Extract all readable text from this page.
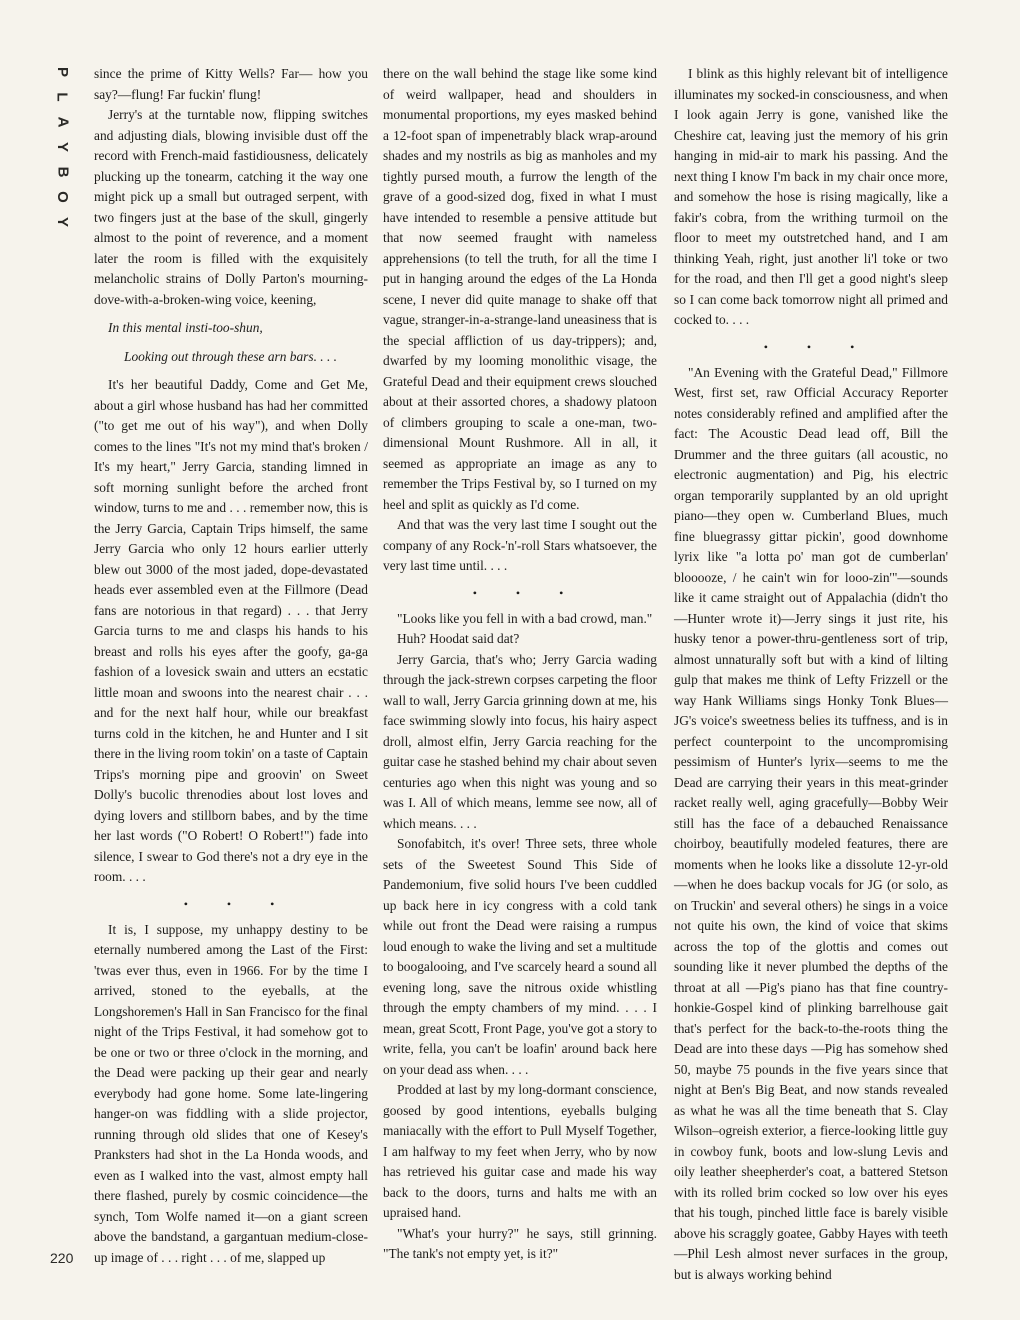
P
L
A
Y
B
O
Y
220

since the prime of Kitty Wells? Far— how you say?—flung! Far fuckin' flung!

Jerry's at the turntable now, flipping switches and adjusting dials, blowing invisible dust off the record with French-maid fastidiousness, delicately plucking up the tonearm, catching it the way one might pick up a small but outraged serpent, with two fingers just at the base of the skull, gingerly almost to the point of reverence, and a moment later the room is filled with the exquisitely melancholic strains of Dolly Parton's mourning-dove-with-a-broken-wing voice, keening,

In this mental insti-too-shun,

Looking out through these arn bars. . . .

It's her beautiful Daddy, Come and Get Me, about a girl whose husband has had her committed ("to get me out of his way"), and when Dolly comes to the lines "It's not my mind that's broken / It's my heart," Jerry Garcia, standing limned in soft morning sunlight before the arched front window, turns to me and . . . remember now, this is the Jerry Garcia, Captain Trips himself, the same Jerry Garcia who only 12 hours earlier utterly blew out 3000 of the most jaded, dope-devastated heads ever assembled even at the Fillmore (Dead fans are notorious in that regard) . . . that Jerry Garcia turns to me and clasps his hands to his breast and rolls his eyes after the goofy, ga-ga fashion of a lovesick swain and utters an ecstatic little moan and swoons into the nearest chair . . . and for the next half hour, while our breakfast turns cold in the kitchen, he and Hunter and I sit there in the living room tokin' on a taste of Captain Trips's morning pipe and groovin' on Sweet Dolly's bucolic threnodies about lost loves and dying lovers and stillborn babes, and by the time her last words ("O Robert! O Robert!") fade into silence, I swear to God there's not a dry eye in the room. . . .

• • •

It is, I suppose, my unhappy destiny to be eternally numbered among the Last of the First: 'twas ever thus, even in 1966. For by the time I arrived, stoned to the eyeballs, at the Longshoremen's Hall in San Francisco for the final night of the Trips Festival, it had somehow got to be one or two or three o'clock in the morning, and the Dead were packing up their gear and nearly everybody had gone home. Some late-lingering hanger-on was fiddling with a slide projector, running through old slides that one of Kesey's Pranksters had shot in the La Honda woods, and even as I walked into the vast, almost empty hall there flashed, purely by cosmic coincidence—the synch, Tom Wolfe named it—on a giant screen above the bandstand, a gargantuan medium-close-up image of . . . right . . . of me, slapped up

there on the wall behind the stage like some kind of weird wallpaper, head and shoulders in monumental proportions, my eyes masked behind a 12-foot span of impenetrably black wrap-around shades and my nostrils as big as manholes and my tightly pursed mouth, a furrow the length of the grave of a good-sized dog, fixed in what I must have intended to resemble a pensive attitude but that now seemed fraught with nameless apprehensions (to tell the truth, for all the time I put in hanging around the edges of the La Honda scene, I never did quite manage to shake off that vague, stranger-in-a-strange-land uneasiness that is the special affliction of us day-trippers); and, dwarfed by my looming monolithic visage, the Grateful Dead and their equipment crews slouched about at their assorted chores, a shadowy platoon of climbers grouping to scale a one-man, two-dimensional Mount Rushmore. All in all, it seemed as appropriate an image as any to remember the Trips Festival by, so I turned on my heel and split as quickly as I'd come.

And that was the very last time I sought out the company of any Rock-'n'-roll Stars whatsoever, the very last time until. . . .

• • •

"Looks like you fell in with a bad crowd, man."

Huh? Hoodat said dat?

Jerry Garcia, that's who; Jerry Garcia wading through the jack-strewn corpses carpeting the floor wall to wall, Jerry Garcia grinning down at me, his face swimming slowly into focus, his hairy aspect droll, almost elfin, Jerry Garcia reaching for the guitar case he stashed behind my chair about seven centuries ago when this night was young and so was I. All of which means, lemme see now, all of which means. . . .

Sonofabitch, it's over! Three sets, three whole sets of the Sweetest Sound This Side of Pandemonium, five solid hours I've been cuddled up back here in icy congress with a cold tank while out front the Dead were raising a rumpus loud enough to wake the living and set a multitude to boogalooing, and I've scarcely heard a sound all evening long, save the nitrous oxide whistling through the empty chambers of my mind. . . . I mean, great Scott, Front Page, you've got a story to write, fella, you can't be loafin' around back here on your dead ass when. . . .

Prodded at last by my long-dormant conscience, goosed by good intentions, eyeballs bulging maniacally with the effort to Pull Myself Together, I am halfway to my feet when Jerry, who by now has retrieved his guitar case and made his way back to the doors, turns and halts me with an upraised hand.

"What's your hurry?" he says, still grinning. "The tank's not empty yet, is it?"

I blink as this highly relevant bit of intelligence illuminates my socked-in consciousness, and when I look again Jerry is gone, vanished like the Cheshire cat, leaving just the memory of his grin hanging in mid-air to mark his passing. And the next thing I know I'm back in my chair once more, and somehow the hose is rising magically, like a fakir's cobra, from the writhing turmoil on the floor to meet my outstretched hand, and I am thinking Yeah, right, just another li'l toke or two for the road, and then I'll get a good night's sleep so I can come back tomorrow night all primed and cocked to. . . .

• • •

"An Evening with the Grateful Dead," Fillmore West, first set, raw Official Accuracy Reporter notes considerably refined and amplified after the fact: The Acoustic Dead lead off, Bill the Drummer and the three guitars (all acoustic, no electronic augmentation) and Pig, his electric organ temporarily supplanted by an old upright piano—they open w. Cumberland Blues, much fine bluegrassy gittar pickin', good downhome lyrix like "a lotta po' man got de cumberlan' blooooze, / he cain't win for looo-zin'"—sounds like it came straight out of Appalachia (didn't tho—Hunter wrote it)—Jerry sings it just rite, his husky tenor a power-thru-gentleness sort of trip, almost unnaturally soft but with a kind of lilting gulp that makes me think of Lefty Frizzell or the way Hank Williams sings Honky Tonk Blues—JG's voice's sweetness belies its tuffness, and is in perfect counterpoint to the uncompromising pessimism of Hunter's lyrix—seems to me the Dead are carrying their years in this meat-grinder racket really well, aging gracefully—Bobby Weir still has the face of a debauched Renaissance choirboy, beautifully modeled features, there are moments when he looks like a dissolute 12-yr-old—when he does backup vocals for JG (or solo, as on Truckin' and several others) he sings in a voice not quite his own, the kind of voice that skims across the top of the glottis and comes out sounding like it never plumbed the depths of the throat at all —Pig's piano has that fine country-honkie-Gospel kind of plinking barrelhouse gait that's perfect for the back-to-the-roots thing the Dead are into these days —Pig has somehow shed 50, maybe 75 pounds in the five years since that night at Ben's Big Beat, and now stands revealed as what he was all the time beneath that S. Clay Wilson–ogreish exterior, a fierce-looking little guy in cowboy funk, boots and low-slung Levis and oily leather sheepherder's coat, a battered Stetson with its rolled brim cocked so low over his eyes that his tough, pinched little face is barely visible above his scraggly goatee, Gabby Hayes with teeth —Phil Lesh almost never surfaces in the group, but is always working behind
